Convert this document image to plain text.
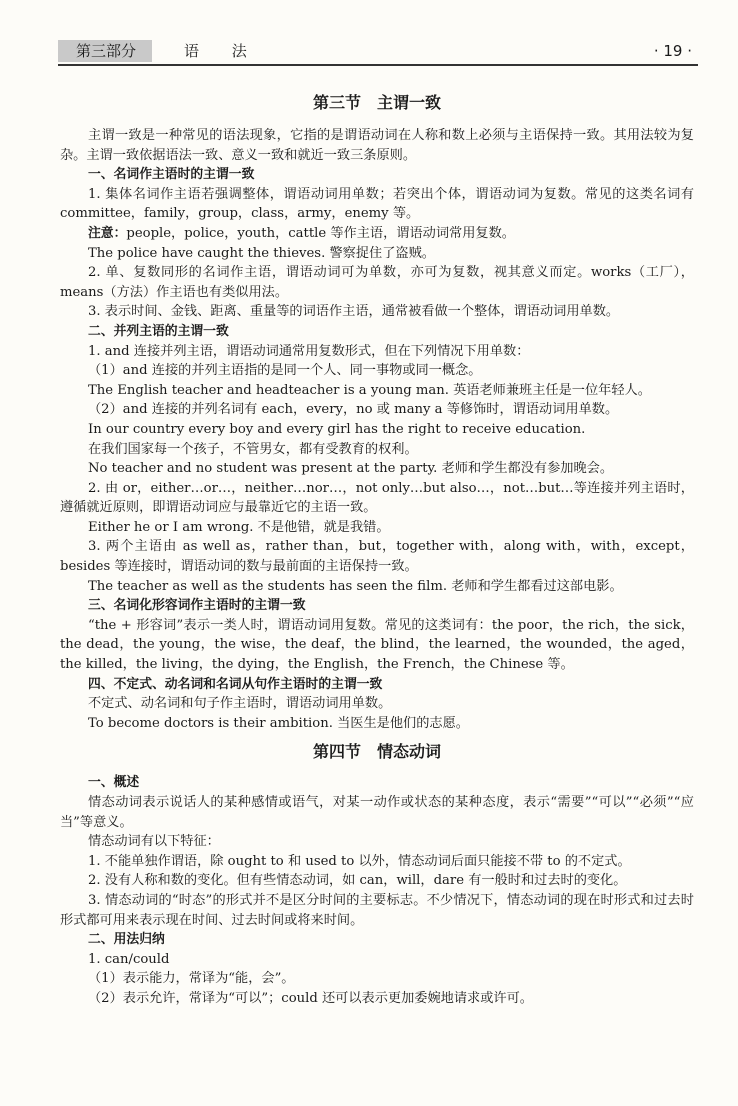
第三部分	语 法	· 19 ·
第三节　主谓一致

主谓一致是一种常见的语法现象，它指的是谓语动词在人称和数上必须与主语保持一致。其用法较为复杂。主谓一致依据语法一致、意义一致和就近一致三条原则。

一、名词作主语时的主谓一致

1. 集体名词作主语若强调整体，谓语动词用单数；若突出个体，谓语动词为复数。常见的这类名词有 committee，family，group，class，army，enemy 等。

注意：people，police，youth，cattle 等作主语，谓语动词常用复数。

The police have caught the thieves. 警察捉住了盗贼。

2. 单、复数同形的名词作主语，谓语动词可为单数，亦可为复数，视其意义而定。works（工厂），means（方法）作主语也有类似用法。

3. 表示时间、金钱、距离、重量等的词语作主语，通常被看做一个整体，谓语动词用单数。

二、并列主语的主谓一致

1. and 连接并列主语，谓语动词通常用复数形式，但在下列情况下用单数：

（1）and 连接的并列主语指的是同一个人、同一事物或同一概念。

The English teacher and headteacher is a young man. 英语老师兼班主任是一位年轻人。

（2）and 连接的并列名词有 each，every，no 或 many a 等修饰时，谓语动词用单数。

In our country every boy and every girl has the right to receive education.

在我们国家每一个孩子，不管男女，都有受教育的权利。

No teacher and no student was present at the party. 老师和学生都没有参加晚会。

2. 由 or，either…or…，neither…nor…，not only…but also…，not…but…等连接并列主语时，遵循就近原则，即谓语动词应与最靠近它的主语一致。

Either he or I am wrong. 不是他错，就是我错。

3. 两个主语由 as well as，rather than，but，together with，along with，with，except，besides 等连接时，谓语动词的数与最前面的主语保持一致。

The teacher as well as the students has seen the film. 老师和学生都看过这部电影。

三、名词化形容词作主语时的主谓一致

“the + 形容词”表示一类人时，谓语动词用复数。常见的这类词有：the poor，the rich，the sick，the dead，the young，the wise，the deaf，the blind，the learned，the wounded，the aged，the killed，the living，the dying，the English，the French，the Chinese 等。

四、不定式、动名词和名词从句作主语时的主谓一致

不定式、动名词和句子作主语时，谓语动词用单数。

To become doctors is their ambition. 当医生是他们的志愿。

第四节　情态动词

一、概述

情态动词表示说话人的某种感情或语气，对某一动作或状态的某种态度，表示“需要”“可以”“必须”“应当”等意义。

情态动词有以下特征：

1. 不能单独作谓语，除 ought to 和 used to 以外，情态动词后面只能接不带 to 的不定式。

2. 没有人称和数的变化。但有些情态动词，如 can，will，dare 有一般时和过去时的变化。

3. 情态动词的“时态”的形式并不是区分时间的主要标志。不少情况下，情态动词的现在时形式和过去时形式都可用来表示现在时间、过去时间或将来时间。

二、用法归纳

1. can/could

（1）表示能力，常译为“能，会”。

（2）表示允许，常译为“可以”；could 还可以表示更加委婉地请求或许可。
